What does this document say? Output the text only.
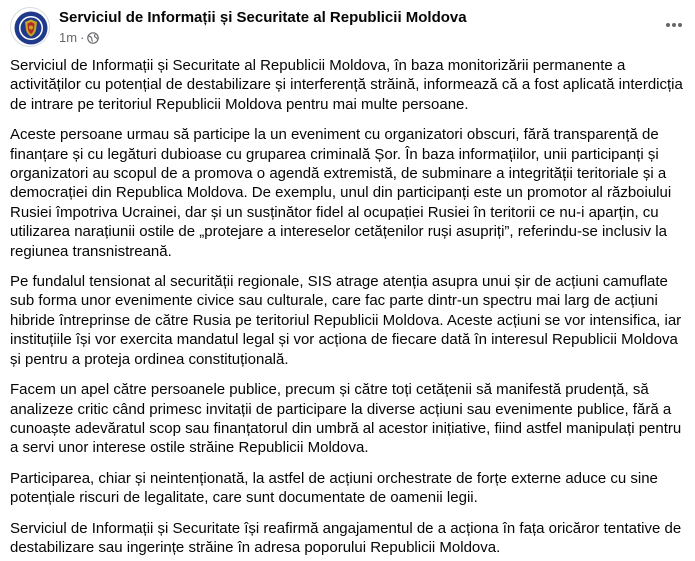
Serviciul de Informații și Securitate al Republicii Moldova
1m ·

Serviciul de Informații și Securitate al Republicii Moldova, în baza monitorizării permanente a activităților cu potențial de destabilizare și interferență străină, informează că a fost aplicată interdicția de intrare pe teritoriul Republicii Moldova pentru mai multe persoane.

Aceste persoane urmau să participe la un eveniment cu organizatori obscuri, fără transparență de finanțare și cu legături dubioase cu gruparea criminală Șor. În baza informațiilor, unii participanți și organizatori au scopul de a promova o agendă extremistă, de subminare a integrității teritoriale și a democrației din Republica Moldova. De exemplu, unul din participanți este un promotor al războiului Rusiei împotriva Ucrainei, dar și un susținător fidel al ocupației Rusiei în teritorii ce nu-i aparțin, cu utilizarea narațiunii ostile de „protejare a intereselor cetățenilor ruși asupriți”, referindu-se inclusiv la regiunea transnistreană.

Pe fundalul tensionat al securității regionale, SIS atrage atenția asupra unui șir de acțiuni camuflate sub forma unor evenimente civice sau culturale, care fac parte dintr-un spectru mai larg de acțiuni hibride întreprinse de către Rusia pe teritoriul Republicii Moldova. Aceste acțiuni se vor intensifica, iar instituțiile își vor exercita mandatul legal și vor acționa de fiecare dată în interesul Republicii Moldova și pentru a proteja ordinea constituțională.

Facem un apel către persoanele publice, precum și către toți cetățenii să manifestă prudență, să analizeze critic când primesc invitații de participare la diverse acțiuni sau evenimente publice, fără a cunoaște adevăratul scop sau finanțatorul din umbră al acestor inițiative, fiind astfel manipulați pentru a servi unor interese ostile străine Republicii Moldova.

Participarea, chiar și neintenționată, la astfel de acțiuni orchestrate de forțe externe aduce cu sine potențiale riscuri de legalitate, care sunt documentate de oamenii legii.

Serviciul de Informații și Securitate își reafirmă angajamentul de a acționa în fața oricăror tentative de destabilizare sau ingerințe străine în adresa poporului Republicii Moldova.
